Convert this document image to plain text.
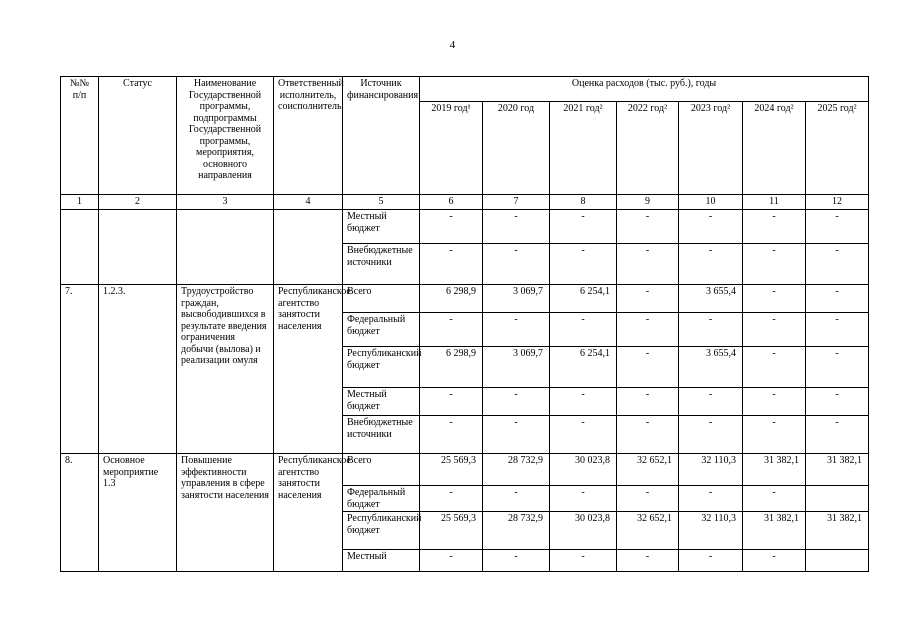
4
№№ п/п	Статус	Наименование Государственной программы, подпрограммы Государственной программы, мероприятия, основного направления	Ответственный исполнитель, соисполнитель	Источник финансирования	Оценка расходов (тыс. руб.), годы						
					2019 год¹	2020 год	2021 год²	2022 год²	2023 год²	2024 год²	2025 год²
1	2	3	4	5	6	7	8	9	10	11	12
				Местный бюджет	-	-	-	-	-	-	-
				Внебюджетные источники	-	-	-	-	-	-	-
7.	1.2.3.	Трудоустройство граждан, высвободившихся в результате введения ограничения добычи (вылова) и реализации омуля	Республиканское агентство занятости населения	Всего	6 298,9	3 069,7	6 254,1	-	3 655,4	-	-
				Федеральный бюджет	-	-	-	-	-	-	-
				Республиканский бюджет	6 298,9	3 069,7	6 254,1	-	3 655,4	-	-
				Местный бюджет	-	-	-	-	-	-	-
				Внебюджетные источники	-	-	-	-	-	-	-
8.	Основное мероприятие 1.3	Повышение эффективности управления в сфере занятости населения	Республиканское агентство занятости населения	Всего	25 569,3	28 732,9	30 023,8	32 652,1	32 110,3	31 382,1	31 382,1
				Федеральный бюджет	-	-	-	-	-	-	
				Республиканский бюджет	25 569,3	28 732,9	30 023,8	32 652,1	32 110,3	31 382,1	31 382,1
				Местный	-	-	-	-	-	-	
